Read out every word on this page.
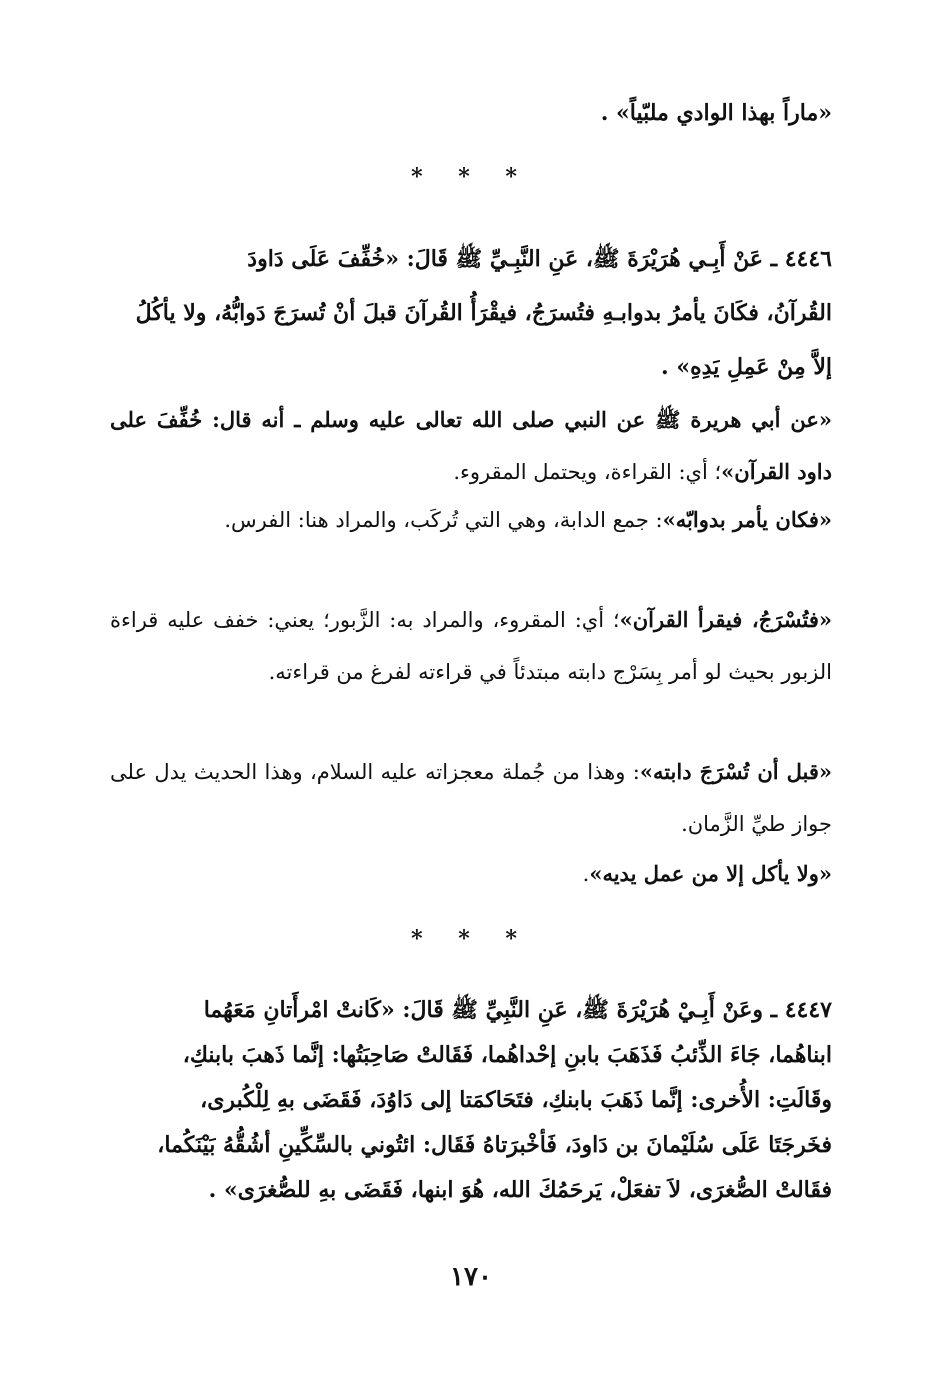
«ماراً بهذا الوادي ملبّياً» .

* * *
٤٤٤٦ ـ عَنْ أَبِـي هُرَيْرَةَ ﷺ، عَنِ النَّبِـيِّ ﷺ قَالَ: «خُفِّفَ عَلَى دَاودَ
القُرآنُ، فكَانَ يأمرُ بدوابـهِ فتُسرَجُ، فيقْرَأُ القُرآنَ قبلَ أنْ تُسرَجَ دَوابُّهُ، ولا يأكُلُ
إلاَّ مِنْ عَمِلِ يَدِهِ» .

«عن أبي هريرة ﷺ عن النبي صلى الله تعالى عليه وسلم ـ أنه قال: خُفِّفَ على داود القرآن»؛ أي: القراءة، ويحتمل المقروء.

«فكان يأمر بدوابّه»: جمع الدابة، وهي التي تُركَب، والمراد هنا: الفرس.

«فتُسْرَجُ، فيقرأ القرآن»؛ أي: المقروء، والمراد به: الزَّبور؛ يعني: خفف عليه قراءة الزبور بحيث لو أمر بِسَرْج دابته مبتدئاً في قراءته لفرغ من قراءته.

«قبل أن تُسْرَجَ دابته»: وهذا من جُملة معجزاته عليه السلام، وهذا الحديث يدل على جواز طيِّ الزَّمان.

«ولا يأكل إلا من عمل يديه».

* * *
٤٤٤٧ ـ وعَنْ أَبِـيْ هُرَيْرَةَ ﷺ، عَنِ النَّبِيِّ ﷺ قَالَ: «كَانتْ امْرأَتانِ مَعَهُما
ابناهُما، جَاءَ الذِّئبُ فَذَهَبَ بابنِ إحْداهُما، فَقَالتْ صَاحِبَتُها: إنَّما ذَهبَ بابنكِ،
وقَالَتِ: الأُخرى: إنَّما ذَهَبَ بابنكِ، فتَحَاكمَتا إلى دَاوُدَ، فَقَضَى بهِ لِلْكُبرى،
فخَرجَتَا عَلَى سُلَيْمانَ بن دَاودَ، فَأخْبرَتاهُ فَقَال: ائتُوني بالسِّكِّينِ أشُقُّهُ بَيْنَكُما،
فقَالتْ الصُّغرَى، لاَ تفعَلْ، يَرحَمُكَ الله، هُوَ ابنها، فَقَضَى بهِ للصُّغرَى» .
١٧٠
